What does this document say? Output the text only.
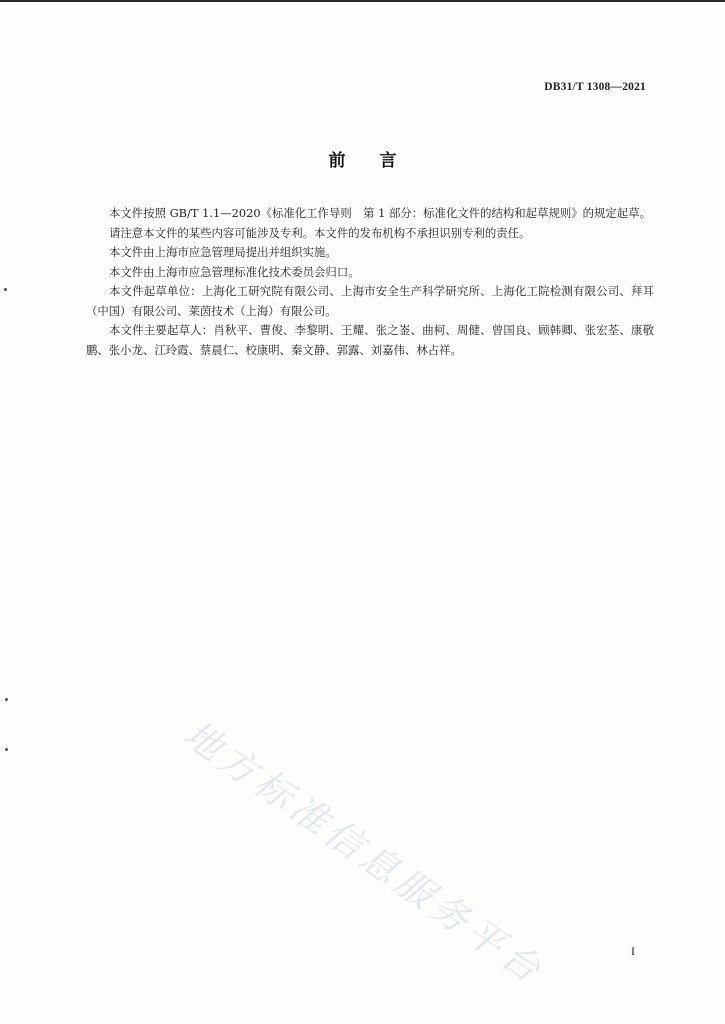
DB31/T 1308—2021
前言

本文件按照 GB/T 1.1—2020《标准化工作导则　第 1 部分：标准化文件的结构和起草规则》的规定起草。

请注意本文件的某些内容可能涉及专利。本文件的发布机构不承担识别专利的责任。

本文件由上海市应急管理局提出并组织实施。

本文件由上海市应急管理标准化技术委员会归口。

本文件起草单位：上海化工研究院有限公司、上海市安全生产科学研究所、上海化工院检测有限公司、拜耳（中国）有限公司、莱茵技术（上海）有限公司。

本文件主要起草人：肖秋平、曹俊、李黎明、王耀、张之崟、曲柯、周健、曾国良、顾韩卿、张宏荃、康敬鹏、张小龙、江玲霞、蔡晨仁、校康明、秦文静、郭露、刘嘉伟、林占祥。

地方标准信息服务平台	I
